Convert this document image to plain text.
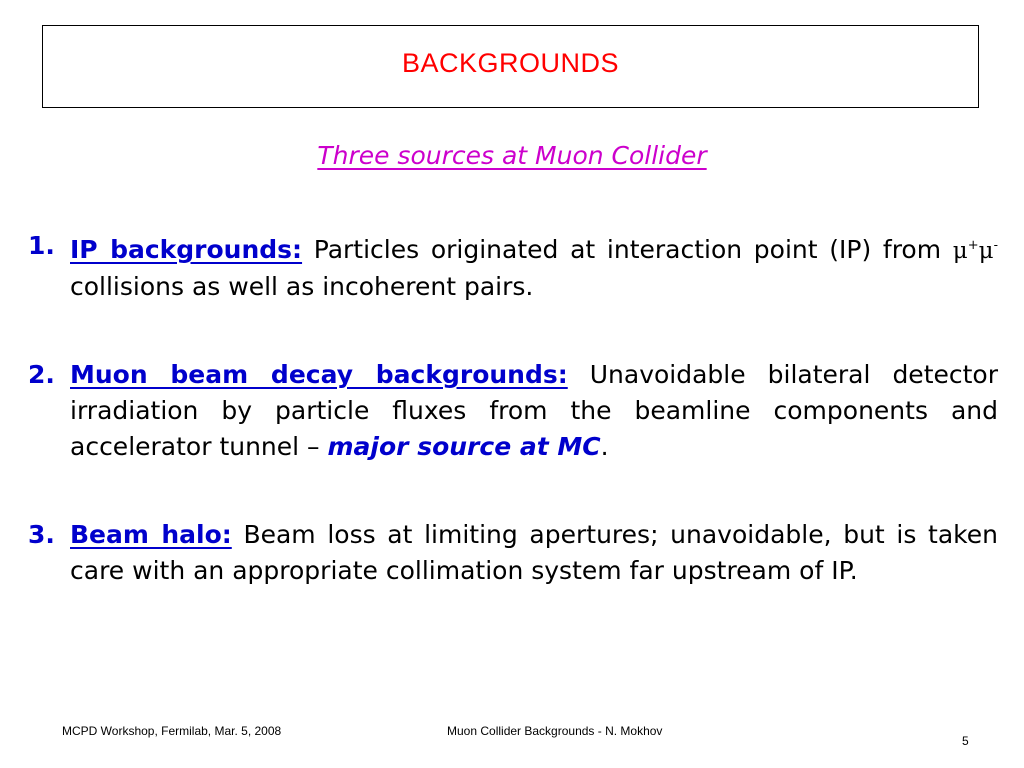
BACKGROUNDS
Three sources at Muon Collider
1. IP backgrounds: Particles originated at interaction point (IP) from μ+μ- collisions as well as incoherent pairs.
2. Muon beam decay backgrounds: Unavoidable bilateral detector irradiation by particle fluxes from the beamline components and accelerator tunnel – major source at MC.
3. Beam halo: Beam loss at limiting apertures; unavoidable, but is taken care with an appropriate collimation system far upstream of IP.
MCPD Workshop, Fermilab, Mar. 5, 2008	Muon Collider Backgrounds - N. Mokhov
5
